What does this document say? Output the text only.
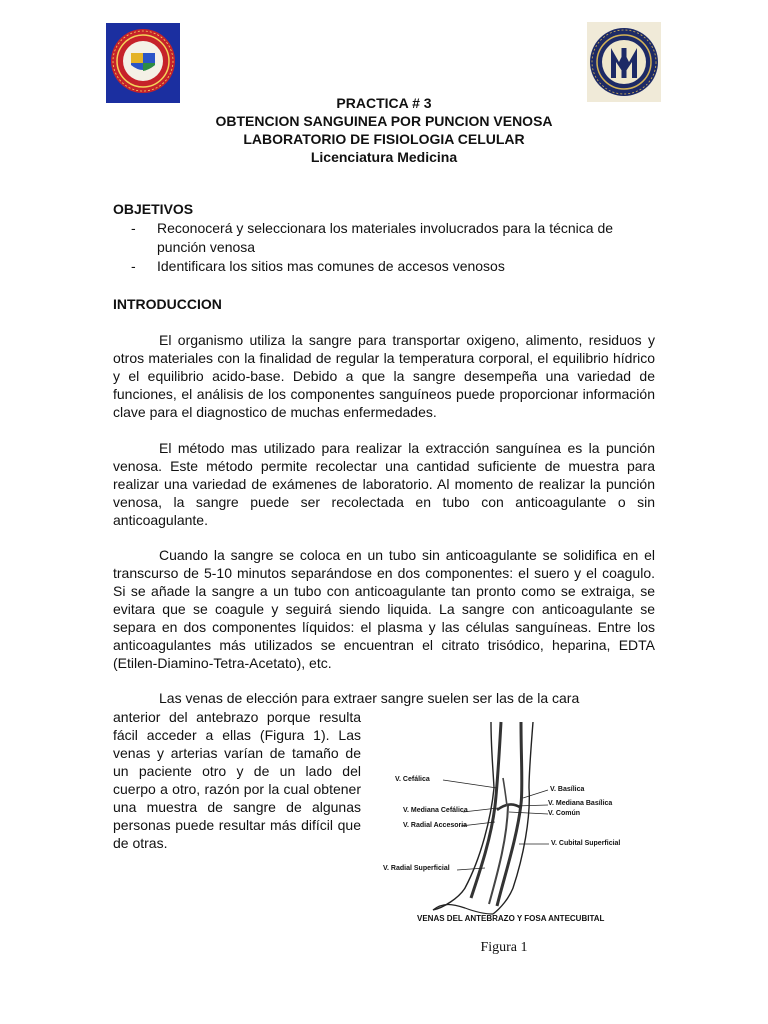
PRACTICA # 3
OBTENCION SANGUINEA POR PUNCION VENOSA
LABORATORIO DE FISIOLOGIA CELULAR
Licenciatura Medicina
OBJETIVOS
- Reconocerá y seleccionara los materiales involucrados para la técnica de punción venosa
- Identificara los sitios mas comunes de accesos venosos
INTRODUCCION

El organismo utiliza la sangre para transportar oxigeno, alimento, residuos y otros materiales con la finalidad de regular la temperatura corporal, el equilibrio hídrico y el equilibrio acido-base. Debido a que la sangre desempeña una variedad de funciones, el análisis de los componentes sanguíneos puede proporcionar información clave para el diagnostico de muchas enfermedades.

El método mas utilizado para realizar la extracción sanguínea es la punción venosa. Este método permite recolectar una cantidad suficiente de muestra para realizar una variedad de exámenes de laboratorio. Al momento de realizar la punción venosa, la sangre puede ser recolectada en tubo con anticoagulante o sin anticoagulante.

Cuando la sangre se coloca en un tubo sin anticoagulante se solidifica en el transcurso de 5-10 minutos separándose en dos componentes: el suero y el coagulo. Si se añade la sangre a un tubo con anticoagulante tan pronto como se extraiga, se evitara que se coagule y seguirá siendo liquida. La sangre con anticoagulante se separa en dos componentes líquidos: el plasma y las células sanguíneas. Entre los anticoagulantes más utilizados se encuentran el citrato trisódico, heparina, EDTA (Etilen-Diamino-Tetra-Acetato), etc.

Las venas de elección para extraer sangre suelen ser las de la cara

anterior del antebrazo porque resulta fácil acceder a ellas (Figura 1). Las venas y arterias varían de tamaño de un paciente otro y de un lado del cuerpo a otro, razón por la cual obtener una muestra de sangre de algunas personas puede resultar más difícil que de otras.

V. Cefálica
V. Basílica
V. Mediana Cefálica
V. Mediana Basílica
V. Común
V. Radial Accesoria
V. Cubital Superficial
V. Radial Superficial
VENAS DEL ANTEBRAZO Y FOSA ANTECUBITAL
Figura 1
